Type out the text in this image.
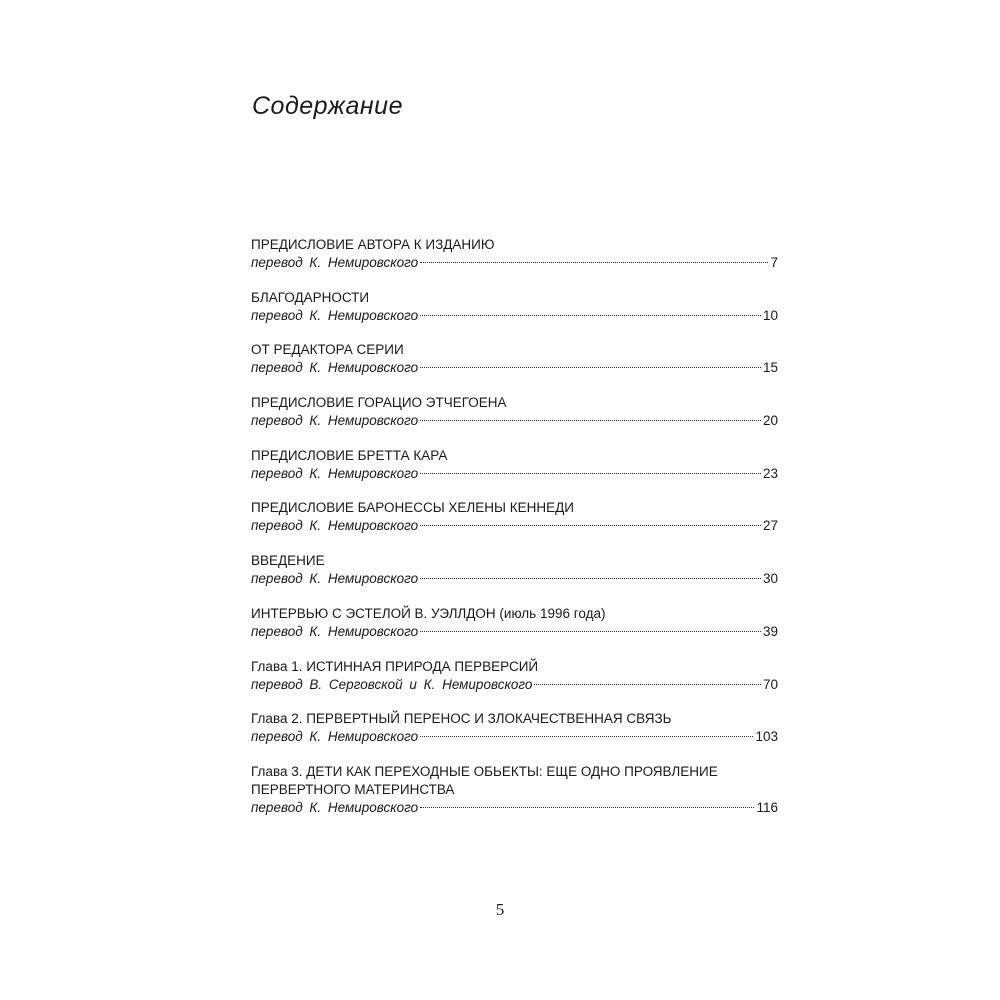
Содержание
ПРЕДИСЛОВИЕ АВТОРА К ИЗДАНИЮ
перевод К. Немировского	7
БЛАГОДАРНОСТИ
перевод К. Немировского	10
ОТ РЕДАКТОРА СЕРИИ
перевод К. Немировского	15
ПРЕДИСЛОВИЕ ГОРАЦИО ЭТЧЕГОЕНА
перевод К. Немировского	20
ПРЕДИСЛОВИЕ БРЕТТА КАРА
перевод К. Немировского	23
ПРЕДИСЛОВИЕ БАРОНЕССЫ ХЕЛЕНЫ КЕННЕДИ
перевод К. Немировского	27
ВВЕДЕНИЕ
перевод К. Немировского	30
ИНТЕРВЬЮ С ЭСТЕЛОЙ В. УЭЛЛДОН (июль 1996 года)
перевод К. Немировского	39
Глава 1. ИСТИННАЯ ПРИРОДА ПЕРВЕРСИЙ
перевод В. Серговской и К. Немировского	70
Глава 2. ПЕРВЕРТНЫЙ ПЕРЕНОС И ЗЛОКАЧЕСТВЕННАЯ СВЯЗЬ
перевод К. Немировского	103
Глава 3. ДЕТИ КАК ПЕРЕХОДНЫЕ ОБЬЕКТЫ: ЕЩЕ ОДНО ПРОЯВЛЕНИЕ
ПЕРВЕРТНОГО МАТЕРИНСТВА
перевод К. Немировского	116
5
